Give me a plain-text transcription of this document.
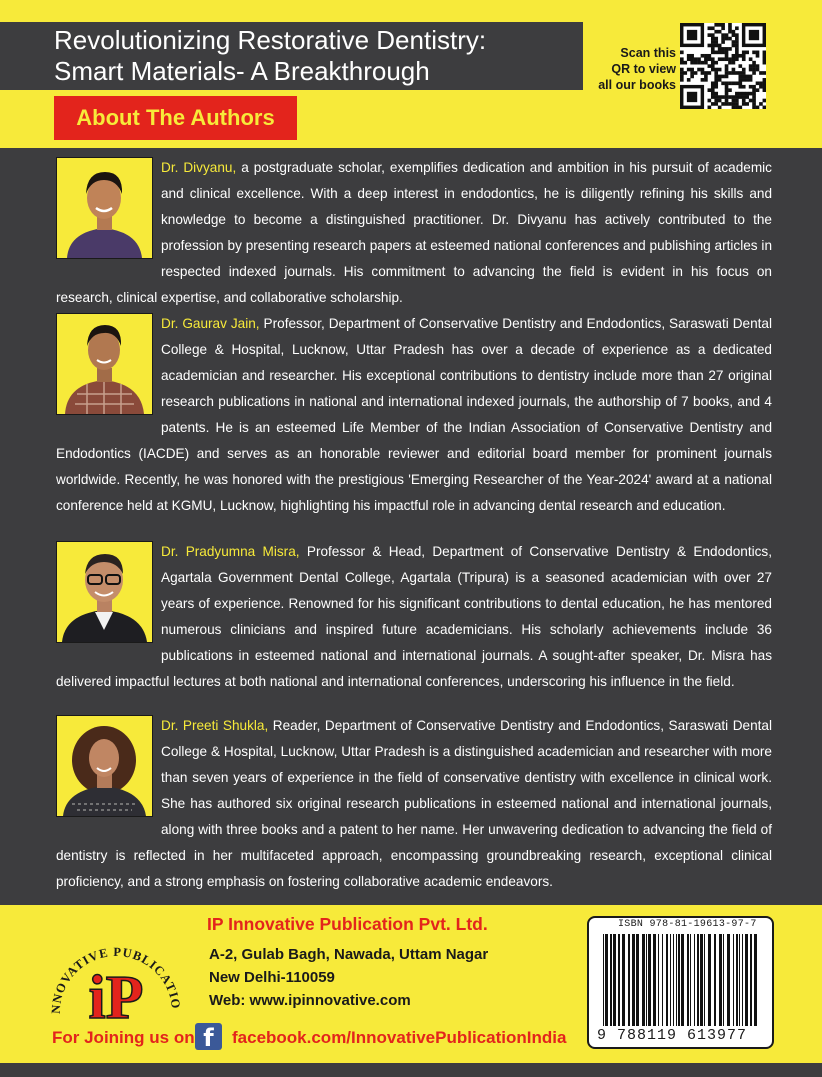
Revolutionizing Restorative Dentistry:
Smart Materials- A Breakthrough
Scan this
QR to view
all our books
About The Authors

Dr. Divyanu, a postgraduate scholar, exemplifies dedication and ambition in his pursuit of academic and clinical excellence. With a deep interest in endodontics, he is diligently refining his skills and knowledge to become a distinguished practitioner. Dr. Divyanu has actively contributed to the profession by presenting research papers at esteemed national conferences and publishing articles in respected indexed journals. His commitment to advancing the field is evident in his focus on research, clinical expertise, and collaborative scholarship.

Dr. Gaurav Jain, Professor, Department of Conservative Dentistry and Endodontics, Saraswati Dental College & Hospital, Lucknow, Uttar Pradesh has over a decade of experience as a dedicated academician and researcher. His exceptional contributions to dentistry include more than 27 original research publications in national and international indexed journals, the authorship of 7 books, and 4 patents. He is an esteemed Life Member of the Indian Association of Conservative Dentistry and Endodontics (IACDE) and serves as an honorable reviewer and editorial board member for prominent journals worldwide. Recently, he was honored with the prestigious 'Emerging Researcher of the Year-2024' award at a national conference held at KGMU, Lucknow, highlighting his impactful role in advancing dental research and education.

Dr. Pradyumna Misra, Professor & Head, Department of Conservative Dentistry & Endodontics, Agartala Government Dental College, Agartala (Tripura) is a seasoned academician with over 27 years of experience. Renowned for his significant contributions to dental education, he has mentored numerous clinicians and inspired future academicians. His scholarly achievements include 36 publications in esteemed national and international journals. A sought-after speaker, Dr. Misra has delivered impactful lectures at both national and international conferences, underscoring his influence in the field.

Dr. Preeti Shukla, Reader, Department of Conservative Dentistry and Endodontics, Saraswati Dental College & Hospital, Lucknow, Uttar Pradesh is a distinguished academician and researcher with more than seven years of experience in the field of conservative dentistry with excellence in clinical work. She has authored six original research publications in esteemed national and international journals, along with three books and a patent to her name. Her unwavering dedication to advancing the field of dentistry is reflected in her multifaceted approach, encompassing groundbreaking research, exceptional clinical proficiency, and a strong emphasis on fostering collaborative academic endeavors.

NNOVATIVE PUBLICATIO
iP
IP Innovative Publication Pvt. Ltd.
A-2, Gulab Bagh, Nawada, Uttam Nagar
New Delhi-110059
Web: www.ipinnovative.com
For Joining us on f	facebook.com/InnovativePublicationIndia
ISBN 978-81-19613-97-7
9 788119 613977
